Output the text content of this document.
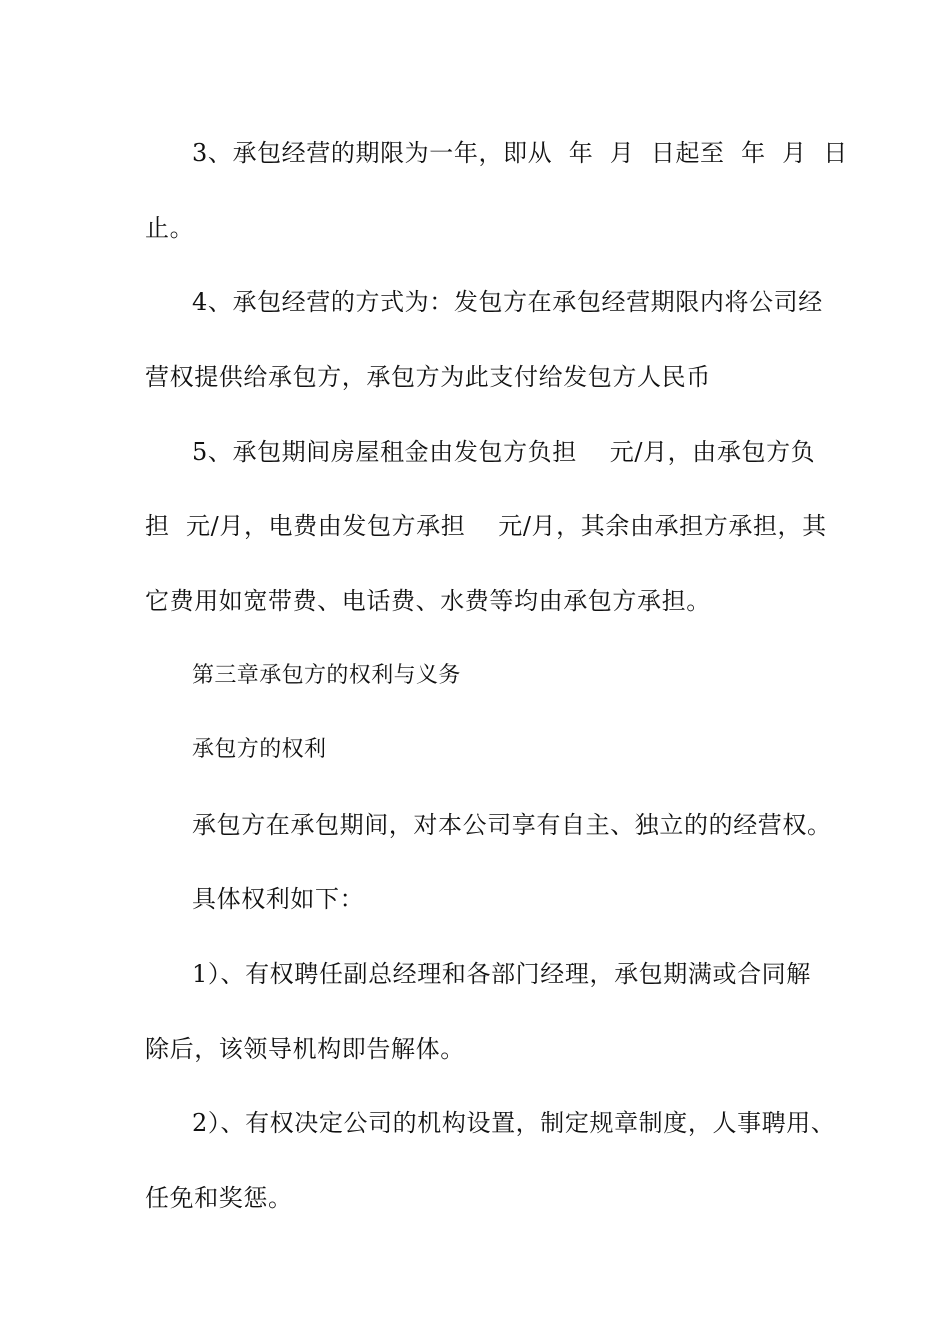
3、承包经营的期限为一年，即从  年  月  日起至  年  月  日
止。
4、承包经营的方式为：发包方在承包经营期限内将公司经
营权提供给承包方，承包方为此支付给发包方人民币
5、承包期间房屋租金由发包方负担    元/月，由承包方负
担  元/月，电费由发包方承担    元/月，其余由承担方承担，其
它费用如宽带费、电话费、水费等均由承包方承担。
第三章承包方的权利与义务
承包方的权利
承包方在承包期间，对本公司享有自主、独立的的经营权。
具体权利如下：
1）、有权聘任副总经理和各部门经理，承包期满或合同解
除后，该领导机构即告解体。
2）、有权决定公司的机构设置，制定规章制度，人事聘用、
任免和奖惩。
